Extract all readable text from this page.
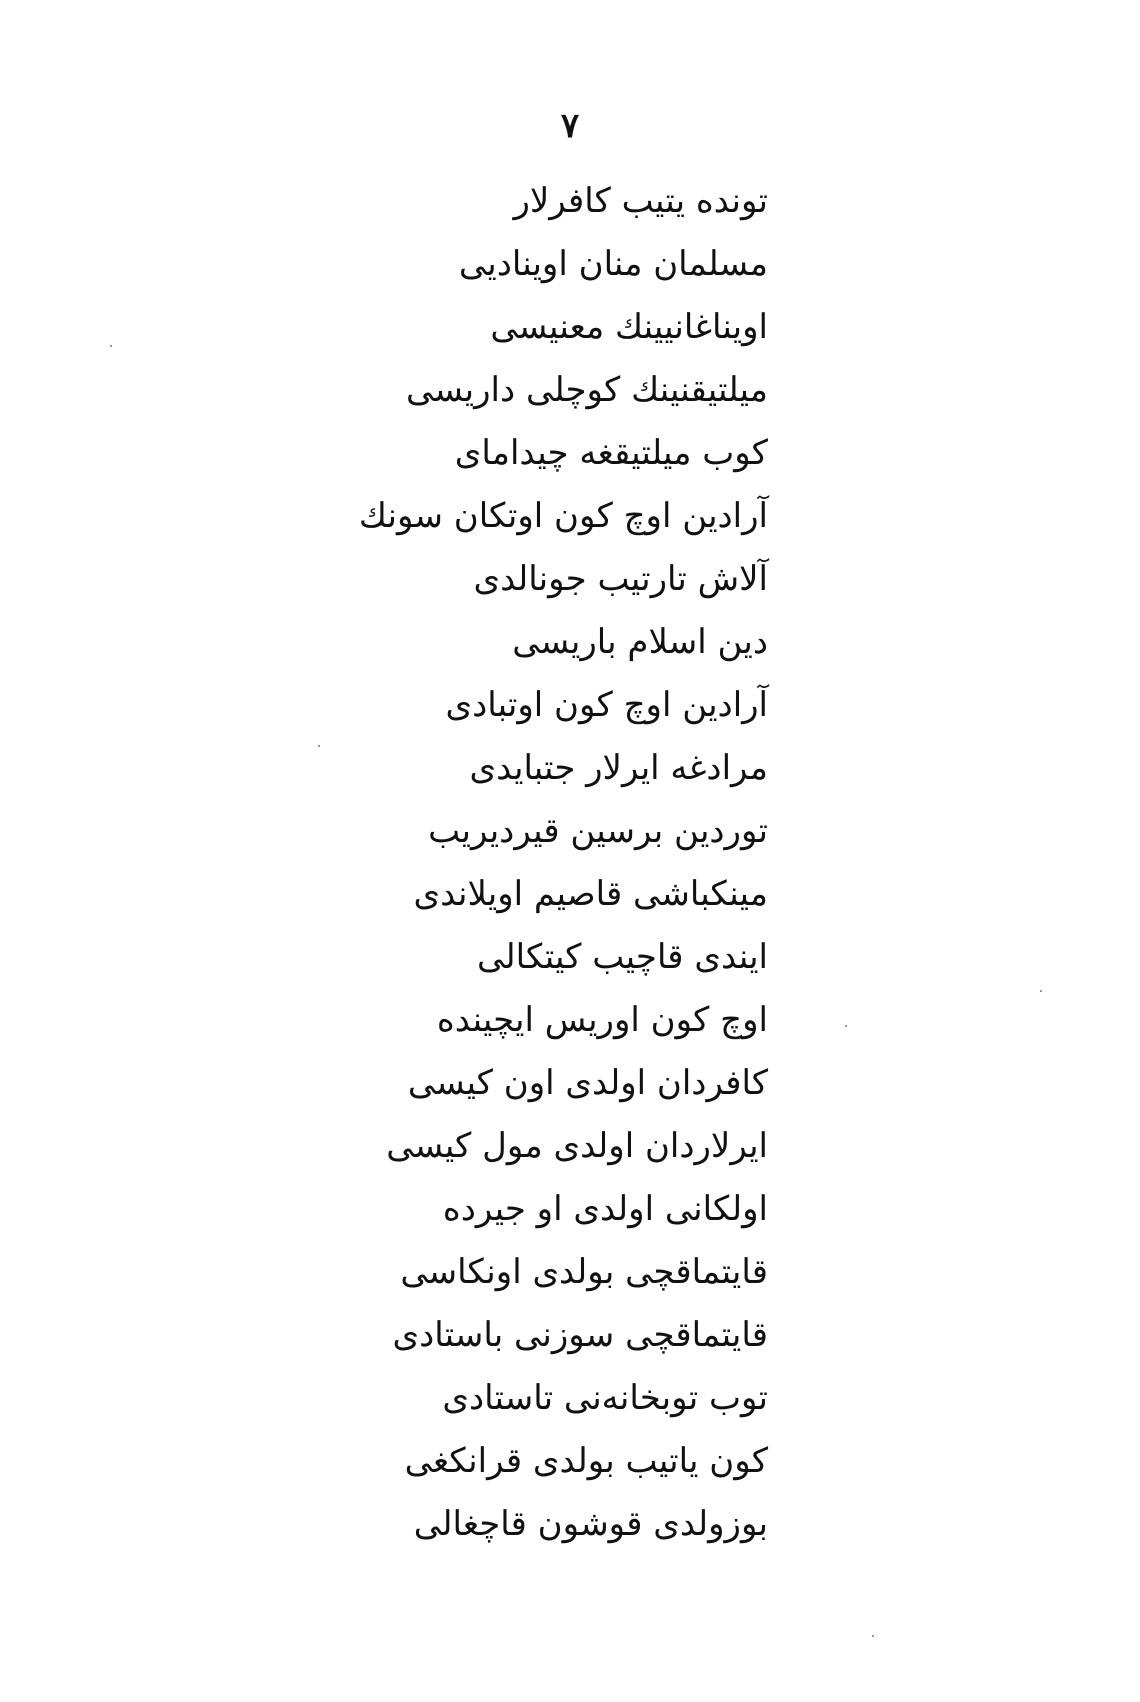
٧
تونده يتيب كافرلار
مسلمان منان اويناديى
اويناغانيينك معنيسى
ميلتيقنينك كوچلى داريسى
كوب ميلتيقغه چيداماى
آرادين اوچ كون اوتكان سونك
آلاش تارتيب جونالدى
دين اسلام باريسى
آرادين اوچ كون اوتبادى
مرادغه ايرلار جتبايدى
توردين برسين قيرديريب
مينكباشى قاصيم اويلاندى
ايندى قاچيب كيتكالى
اوچ كون اوريس ايچينده
كافردان اولدى اون كيسى
ايرلاردان اولدى مول كيسى
اولكانى اولدى او جيرده
قايتماقچى بولدى اونكاسى
قايتماقچى سوزنى باستادى
توب توبخانه‌نى تاستادى
كون ياتيب بولدى قرانكغى
بوزولدى قوشون قاچغالى
